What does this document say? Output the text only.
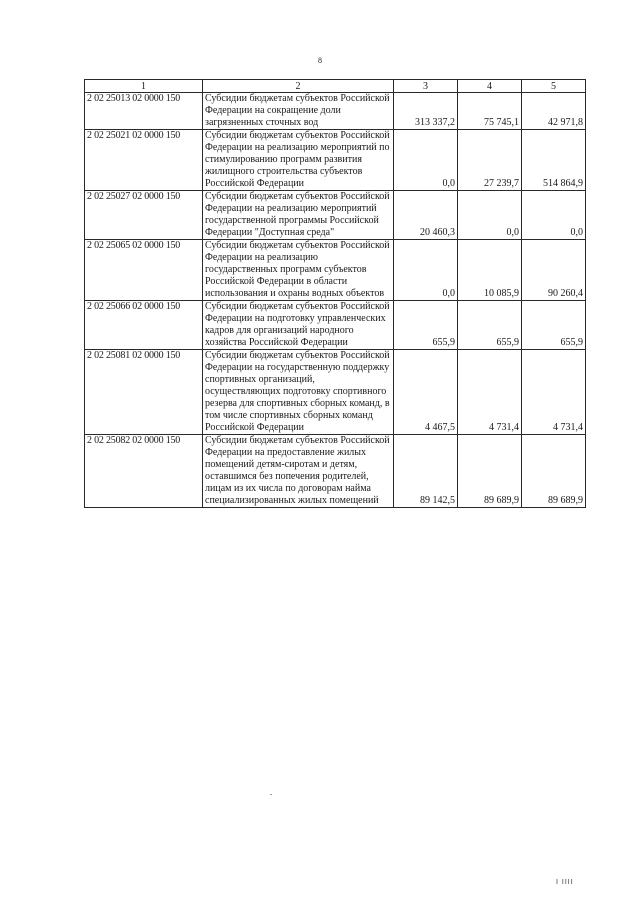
8
1	2	3	4	5
2 02 25013 02 0000 150	Субсидии бюджетам субъектов Российской Федерации на сокращение доли загрязненных сточных вод	313 337,2	75 745,1	42 971,8
2 02 25021 02 0000 150	Субсидии бюджетам субъектов Российской Федерации на реализацию мероприятий по стимулированию программ развития жилищного строительства субъектов Российской Федерации	0,0	27 239,7	514 864,9
2 02 25027 02 0000 150	Субсидии бюджетам субъектов Российской Федерации на реализацию мероприятий государственной программы Российской Федерации "Доступная среда"	20 460,3	0,0	0,0
2 02 25065 02 0000 150	Субсидии бюджетам субъектов Российской Федерации на реализацию государственных программ субъектов Российской Федерации в области использования и охраны водных объектов	0,0	10 085,9	90 260,4
2 02 25066 02 0000 150	Субсидии бюджетам субъектов Российской Федерации на подготовку управленческих кадров для организаций народного хозяйства Российской Федерации	655,9	655,9	655,9
2 02 25081 02 0000 150	Субсидии бюджетам субъектов Российской Федерации на государственную поддержку спортивных организаций, осуществляющих подготовку спортивного резерва для спортивных сборных команд, в том числе спортивных сборных команд Российской Федерации	4 467,5	4 731,4	4 731,4
2 02 25082 02 0000 150	Субсидии бюджетам субъектов Российской Федерации на предоставление жилых помещений детям-сиротам и детям, оставшимся без попечения родителей, лицам из их числа по договорам найма специализированных жилых помещений	89 142,5	89 689,9	89 689,9
I IIII
